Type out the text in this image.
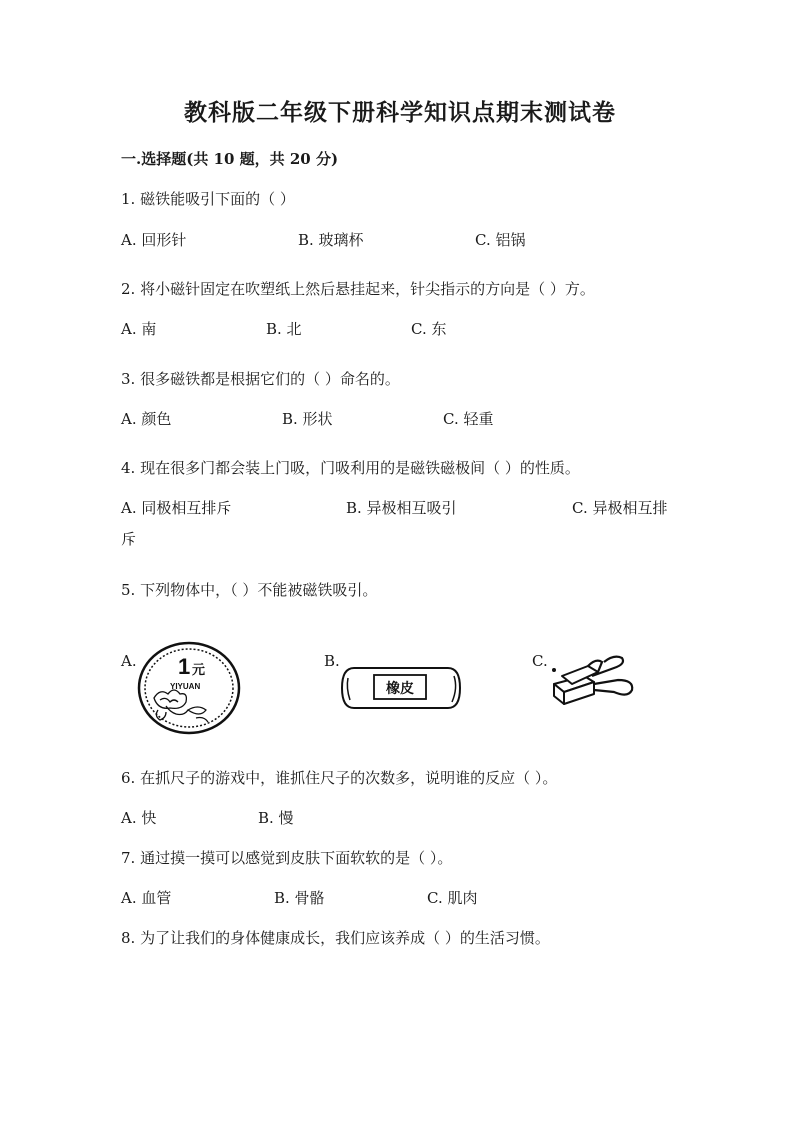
教科版二年级下册科学知识点期末测试卷
一.选择题(共 10 题，共 20 分)
1. 磁铁能吸引下面的（ ）
A. 回形针	B. 玻璃杯	C. 铝锅
2. 将小磁针固定在吹塑纸上然后悬挂起来，针尖指示的方向是（ ）方。
A. 南	B. 北	C. 东
3. 很多磁铁都是根据它们的（ ）命名的。
A. 颜色	B. 形状	C. 轻重
4. 现在很多门都会装上门吸，门吸利用的是磁铁磁极间（ ）的性质。
A. 同极相互排斥	B. 异极相互吸引	C. 异极相互排
斥
5. 下列物体中，（ ）不能被磁铁吸引。
A.	B.	C.
1 元
YIYUAN	橡皮
6. 在抓尺子的游戏中，谁抓住尺子的次数多，说明谁的反应（ ）。
A. 快	B. 慢
7. 通过摸一摸可以感觉到皮肤下面软软的是（ ）。
A. 血管	B. 骨骼	C. 肌肉
8. 为了让我们的身体健康成长，我们应该养成（ ）的生活习惯。
